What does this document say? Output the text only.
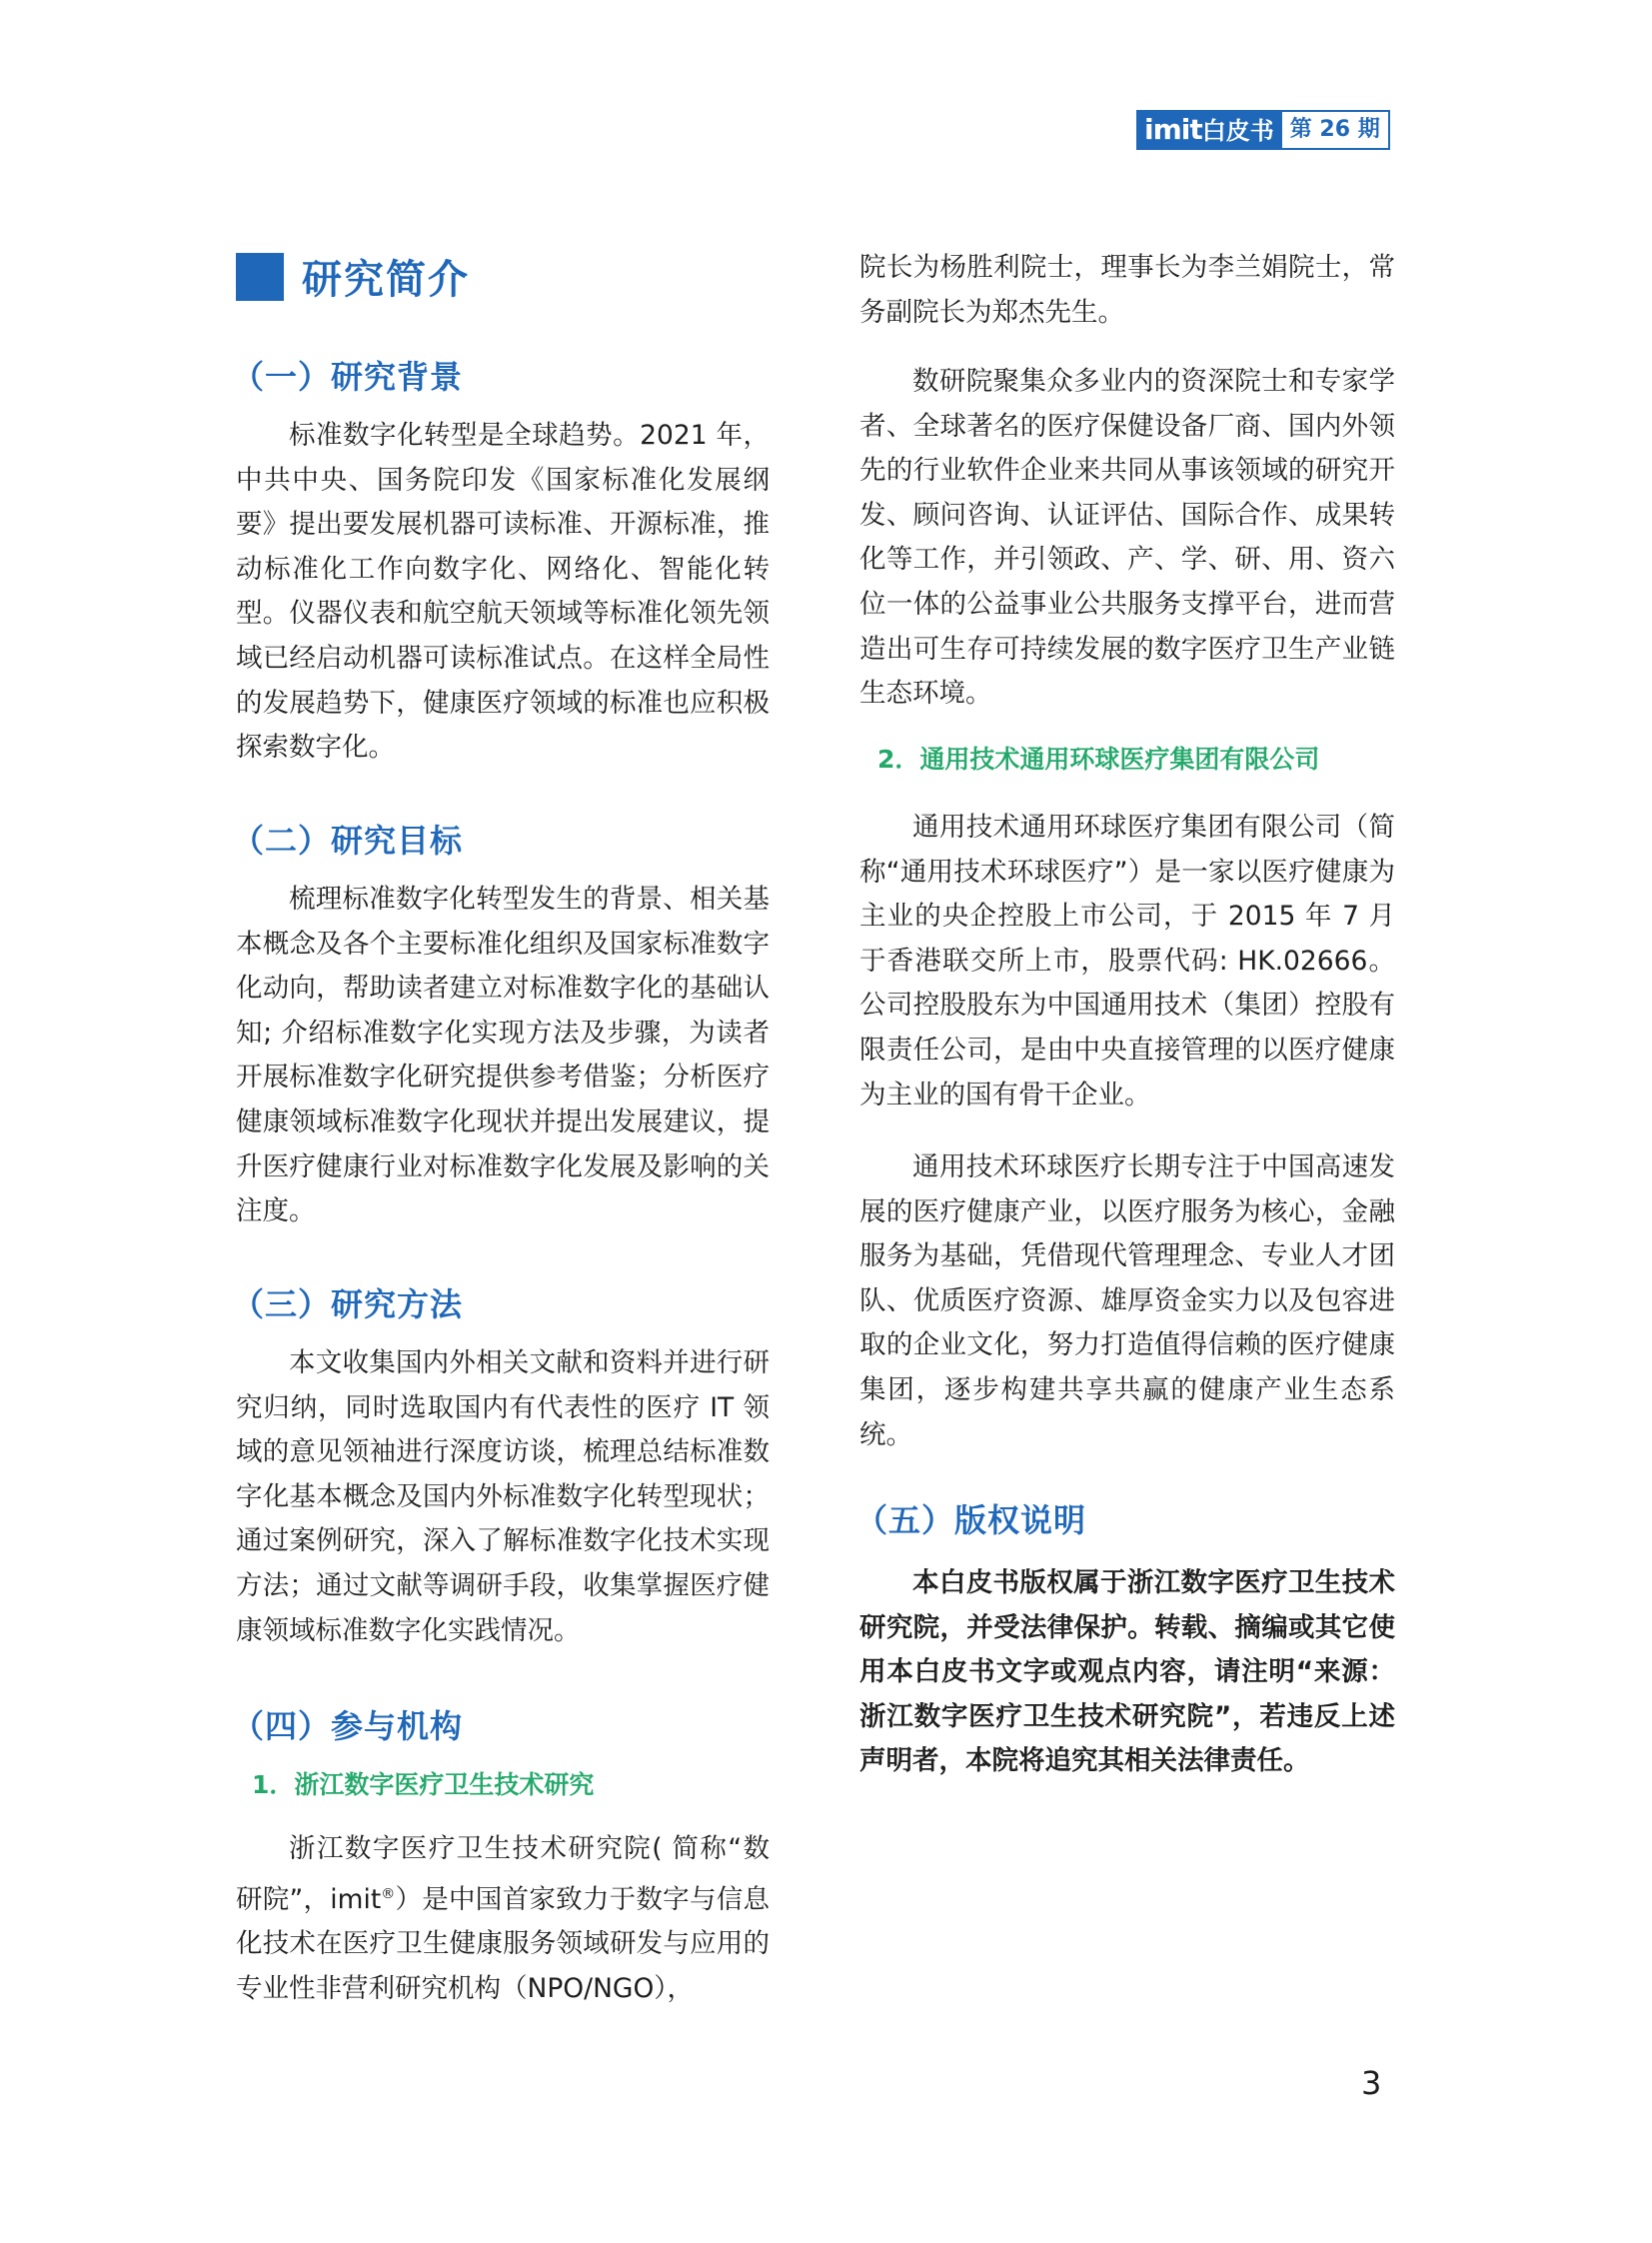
imit白皮书 第 26 期
研究简介
（一）研究背景

标准数字化转型是全球趋势。2021 年，中共中央、国务院印发《国家标准化发展纲要》提出要发展机器可读标准、开源标准，推动标准化工作向数字化、网络化、智能化转型。仪器仪表和航空航天领域等标准化领先领域已经启动机器可读标准试点。在这样全局性的发展趋势下，健康医疗领域的标准也应积极探索数字化。

（二）研究目标

梳理标准数字化转型发生的背景、相关基本概念及各个主要标准化组织及国家标准数字化动向，帮助读者建立对标准数字化的基础认知; 介绍标准数字化实现方法及步骤，为读者开展标准数字化研究提供参考借鉴；分析医疗健康领域标准数字化现状并提出发展建议，提升医疗健康行业对标准数字化发展及影响的关注度。

（三）研究方法

本文收集国内外相关文献和资料并进行研究归纳，同时选取国内有代表性的医疗 IT 领域的意见领袖进行深度访谈，梳理总结标准数字化基本概念及国内外标准数字化转型现状；通过案例研究，深入了解标准数字化技术实现方法；通过文献等调研手段，收集掌握医疗健康领域标准数字化实践情况。

（四）参与机构
1．浙江数字医疗卫生技术研究

浙江数字医疗卫生技术研究院( 简称“数研院”，imit®）是中国首家致力于数字与信息化技术在医疗卫生健康服务领域研发与应用的专业性非营利研究机构（NPO/NGO），

院长为杨胜利院士，理事长为李兰娟院士，常务副院长为郑杰先生。

数研院聚集众多业内的资深院士和专家学者、全球著名的医疗保健设备厂商、国内外领先的行业软件企业来共同从事该领域的研究开发、顾问咨询、认证评估、国际合作、成果转化等工作，并引领政、产、学、研、用、资六位一体的公益事业公共服务支撑平台，进而营造出可生存可持续发展的数字医疗卫生产业链生态环境。

2．通用技术通用环球医疗集团有限公司

通用技术通用环球医疗集团有限公司（简称“通用技术环球医疗”）是一家以医疗健康为主业的央企控股上市公司，于 2015 年 7 月于香港联交所上市，股票代码: HK.02666。公司控股股东为中国通用技术（集团）控股有限责任公司，是由中央直接管理的以医疗健康为主业的国有骨干企业。

通用技术环球医疗长期专注于中国高速发展的医疗健康产业，以医疗服务为核心，金融服务为基础，凭借现代管理理念、专业人才团队、优质医疗资源、雄厚资金实力以及包容进取的企业文化，努力打造值得信赖的医疗健康集团，逐步构建共享共赢的健康产业生态系统。

（五）版权说明

本白皮书版权属于浙江数字医疗卫生技术研究院，并受法律保护。转载、摘编或其它使用本白皮书文字或观点内容，请注明“来源：浙江数字医疗卫生技术研究院”，若违反上述声明者，本院将追究其相关法律责任。

3
